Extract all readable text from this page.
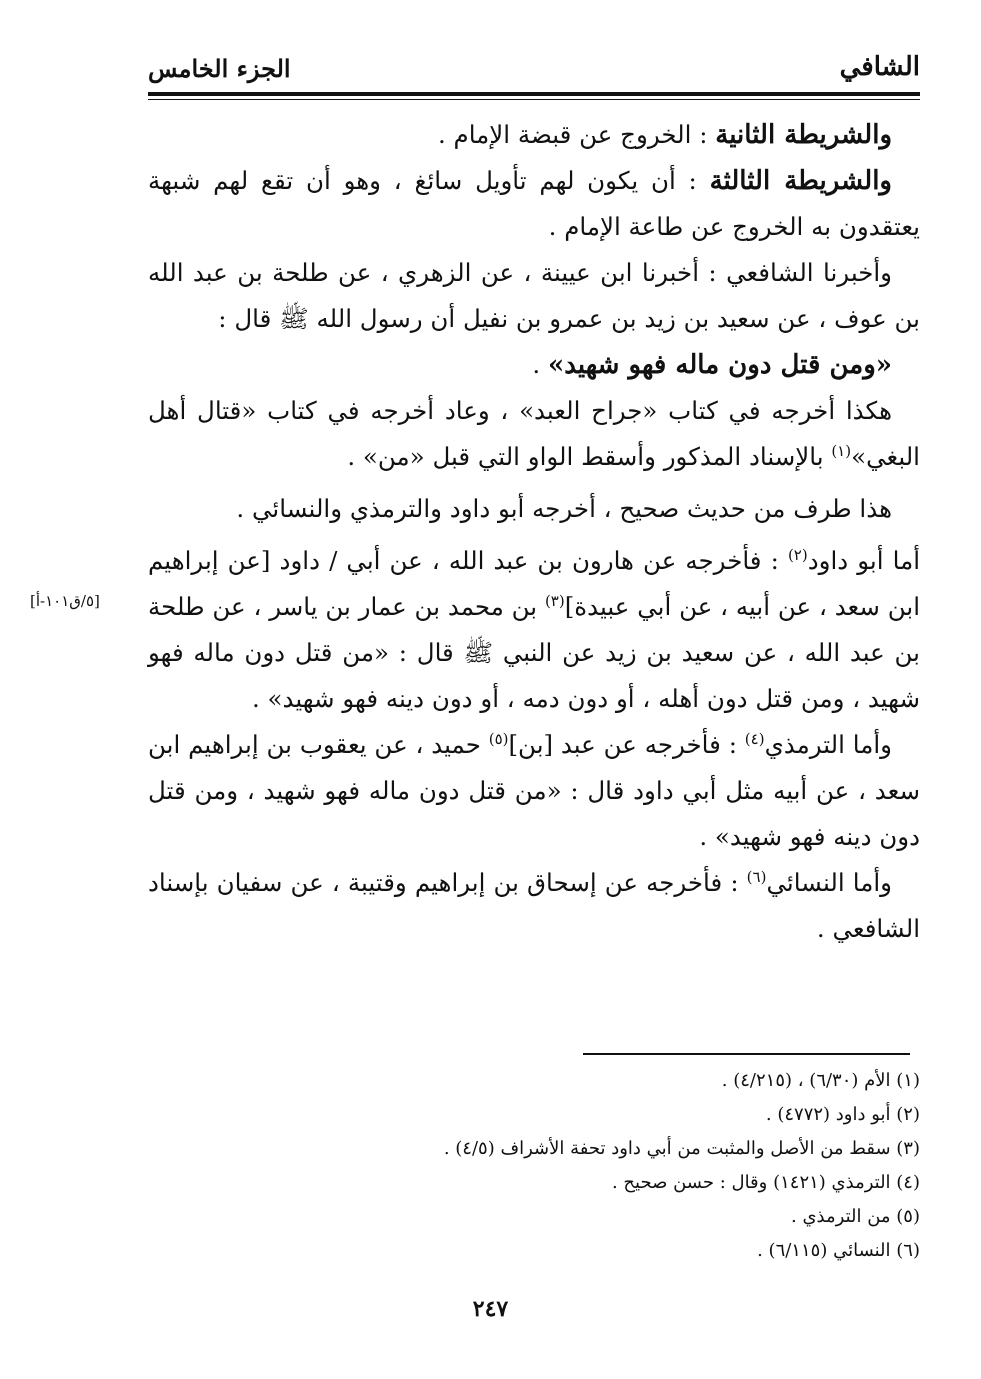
الشافي
الجزء الخامس

والشريطة الثانية : الخروج عن قبضة الإمام .

والشريطة الثالثة : أن يكون لهم تأويل سائغ ، وهو أن تقع لهم شبهة يعتقدون به الخروج عن طاعة الإمام .

وأخبرنا الشافعي : أخبرنا ابن عيينة ، عن الزهري ، عن طلحة بن عبد الله بن عوف ، عن سعيد بن زيد بن عمرو بن نفيل أن رسول الله ﷺ قال :

«ومن قتل دون ماله فهو شهيد» .

هكذا أخرجه في كتاب «جراح العبد» ، وعاد أخرجه في كتاب «قتال أهل البغي»$^{(١)}$ بالإسناد المذكور وأسقط الواو التي قبل «من» .

هذا طرف من حديث صحيح ، أخرجه أبو داود والترمذي والنسائي .

أما أبو داود$^{(٢)}$ : فأخرجه عن هارون بن عبد الله ، عن أبي / داود [عن إبراهيم ابن سعد ، عن أبيه ، عن أبي عبيدة]$^{(٣)}$ بن محمد بن عمار بن ياسر ، عن طلحة بن عبد الله ، عن سعيد بن زيد عن النبي ﷺ قال : «من قتل دون ماله فهو شهيد ، ومن قتل دون أهله ، أو دون دمه ، أو دون دينه فهو شهيد» .

وأما الترمذي$^{(٤)}$ : فأخرجه عن عبد [بن]$^{(٥)}$ حميد ، عن يعقوب بن إبراهيم ابن سعد ، عن أبيه مثل أبي داود قال : «من قتل دون ماله فهو شهيد ، ومن قتل دون دينه فهو شهيد» .

وأما النسائي$^{(٦)}$ : فأخرجه عن إسحاق بن إبراهيم وقتيبة ، عن سفيان بإسناد الشافعي .

[٥/ق١٠١-أ]
(١) الأم (٦/٣٠) ، (٤/٢١٥) .
(٢) أبو داود (٤٧٧٢) .
(٣) سقط من الأصل والمثبت من أبي داود تحفة الأشراف (٤/٥) .
(٤) الترمذي (١٤٢١) وقال : حسن صحيح .
(٥) من الترمذي .
(٦) النسائي (٦/١١٥) .
٢٤٧
